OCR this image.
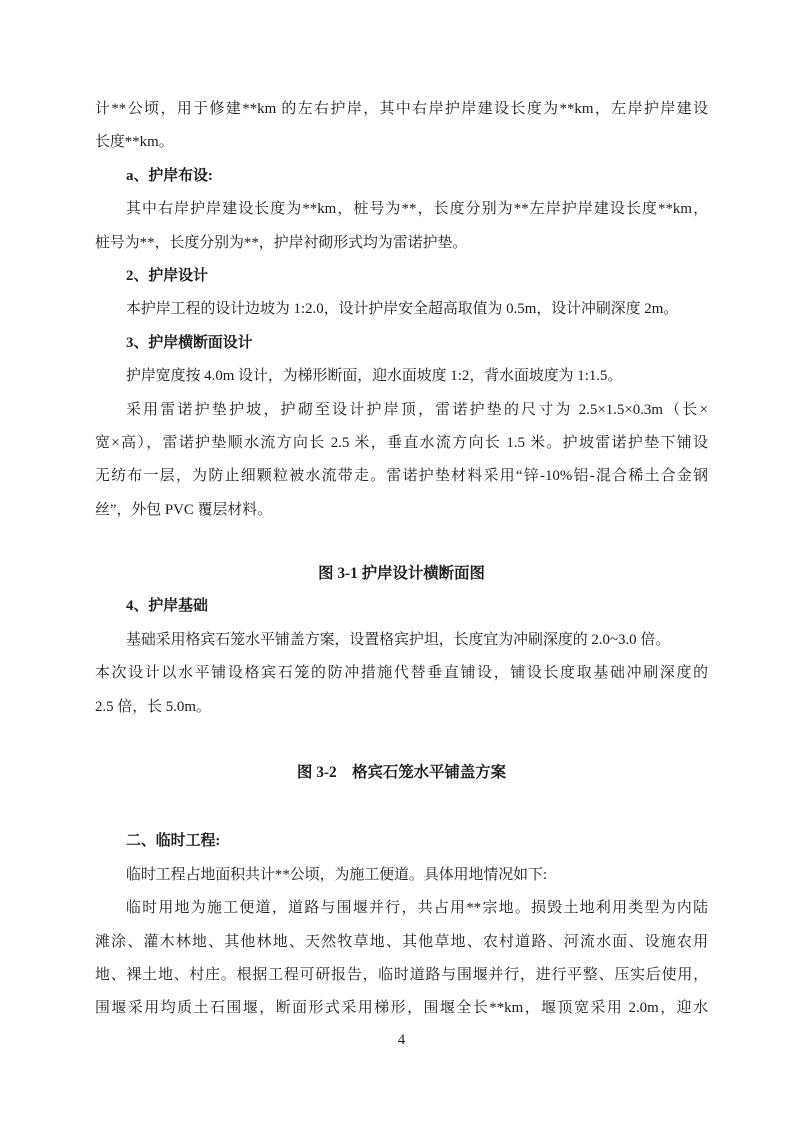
计**公顷，用于修建**km 的左右护岸，其中右岸护岸建设长度为**km，左岸护岸建设
长度**km。
a、护岸布设:
其中右岸护岸建设长度为**km，桩号为**，长度分别为**左岸护岸建设长度**km，
桩号为**，长度分别为**，护岸衬砌形式均为雷诺护垫。
2、护岸设计
本护岸工程的设计边坡为 1:2.0，设计护岸安全超高取值为 0.5m，设计冲刷深度 2m。
3、护岸横断面设计
护岸宽度按 4.0m 设计，为梯形断面，迎水面坡度 1:2，背水面坡度为 1:1.5。
采用雷诺护垫护坡，护砌至设计护岸顶，雷诺护垫的尺寸为 2.5×1.5×0.3m（长×
宽×高），雷诺护垫顺水流方向长 2.5 米，垂直水流方向长 1.5 米。护坡雷诺护垫下铺设
无纺布一层，为防止细颗粒被水流带走。雷诺护垫材料采用“锌-10%铝-混合稀土合金钢
丝”，外包 PVC 覆层材料。
图 3-1 护岸设计横断面图
4、护岸基础
基础采用格宾石笼水平铺盖方案，设置格宾护坦，长度宜为冲刷深度的 2.0~3.0 倍。
本次设计以水平铺设格宾石笼的防冲措施代替垂直铺设，铺设长度取基础冲刷深度的
2.5 倍，长 5.0m。
图 3-2　格宾石笼水平铺盖方案
二、临时工程:
临时工程占地面积共计**公顷，为施工便道。具体用地情况如下:
临时用地为施工便道，道路与围堰并行，共占用**宗地。损毁土地利用类型为内陆
滩涂、灌木林地、其他林地、天然牧草地、其他草地、农村道路、河流水面、设施农用
地、裸土地、村庄。根据工程可研报告，临时道路与围堰并行，进行平整、压实后使用，
围堰采用均质土石围堰，断面形式采用梯形，围堰全长**km，堰顶宽采用 2.0m，迎水
4
